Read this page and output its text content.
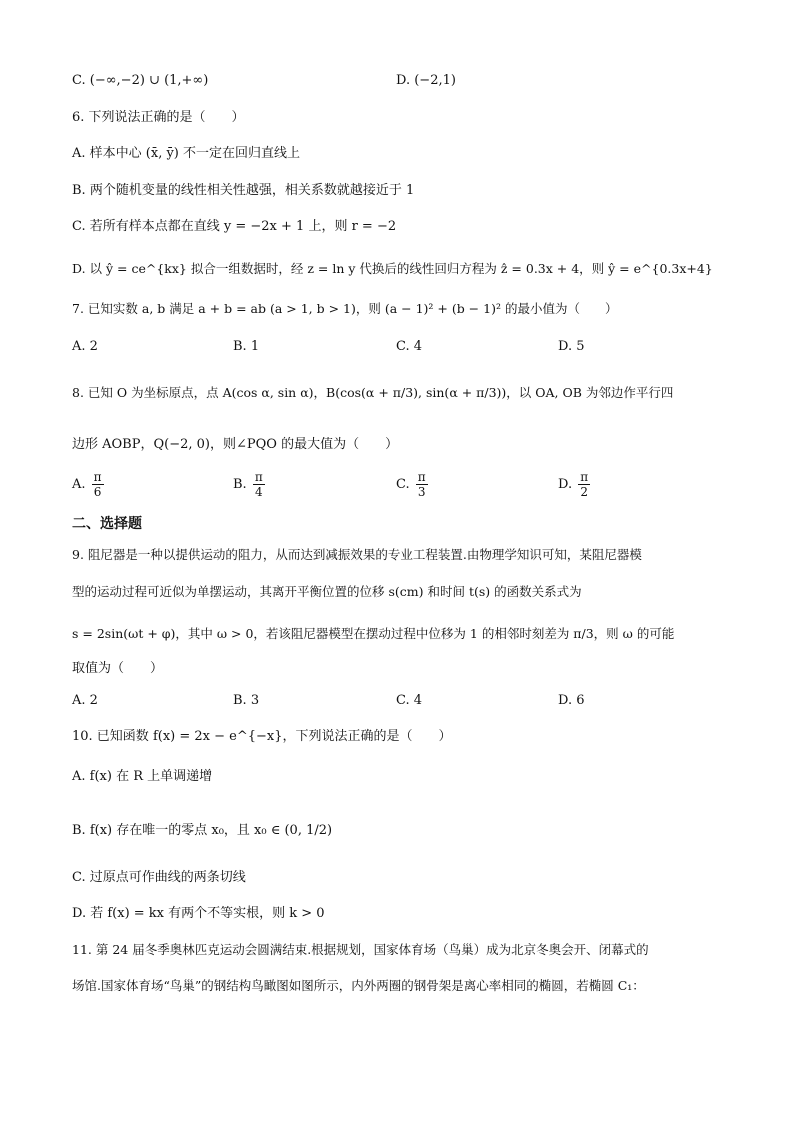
C. (−∞,−2) ∪ (1,+∞)	D. (−2,1)
6. 下列说法正确的是（　　）
A. 样本中心 (x̄, ȳ) 不一定在回归直线上
B. 两个随机变量的线性相关性越强，相关系数就越接近于 1
C. 若所有样本点都在直线 y = −2x + 1 上，则 r = −2
D. 以 ŷ = ce^{kx} 拟合一组数据时，经 z = ln y 代换后的线性回归方程为 ẑ = 0.3x + 4，则 ŷ = e^{0.3x+4}
7. 已知实数 a, b 满足 a + b = ab (a > 1, b > 1)，则 (a − 1)² + (b − 1)² 的最小值为（　　）
A. 2	B. 1	C. 4	D. 5
8. 已知 O 为坐标原点，点 A(cos α, sin α)，B(cos(α + π/3), sin(α + π/3))，以 OA, OB 为邻边作平行四
边形 AOBP，Q(−2, 0)，则∠PQO 的最大值为（　　）
A. $\frac{\pi}{6}$	B. $\frac{\pi}{4}$	C. $\frac{\pi}{3}$	D. $\frac{\pi}{2}$
二、选择题
9. 阻尼器是一种以提供运动的阻力，从而达到减振效果的专业工程装置.由物理学知识可知，某阻尼器模
型的运动过程可近似为单摆运动，其离开平衡位置的位移 s(cm) 和时间 t(s) 的函数关系式为
s = 2sin(ωt + φ)，其中 ω > 0，若该阻尼器模型在摆动过程中位移为 1 的相邻时刻差为 π/3，则 ω 的可能
取值为（　　）
A. 2	B. 3	C. 4	D. 6
10. 已知函数 f(x) = 2x − e^{−x}，下列说法正确的是（　　）
A. f(x) 在 R 上单调递增
B. f(x) 存在唯一的零点 x₀，且 x₀ ∈ (0, 1/2)
C. 过原点可作曲线的两条切线
D. 若 f(x) = kx 有两个不等实根，则 k > 0
11. 第 24 届冬季奥林匹克运动会圆满结束.根据规划，国家体育场（鸟巢）成为北京冬奥会开、闭幕式的
场馆.国家体育场“鸟巢”的钢结构鸟瞰图如图所示，内外两圈的钢骨架是离心率相同的椭圆，若椭圆 C₁：
